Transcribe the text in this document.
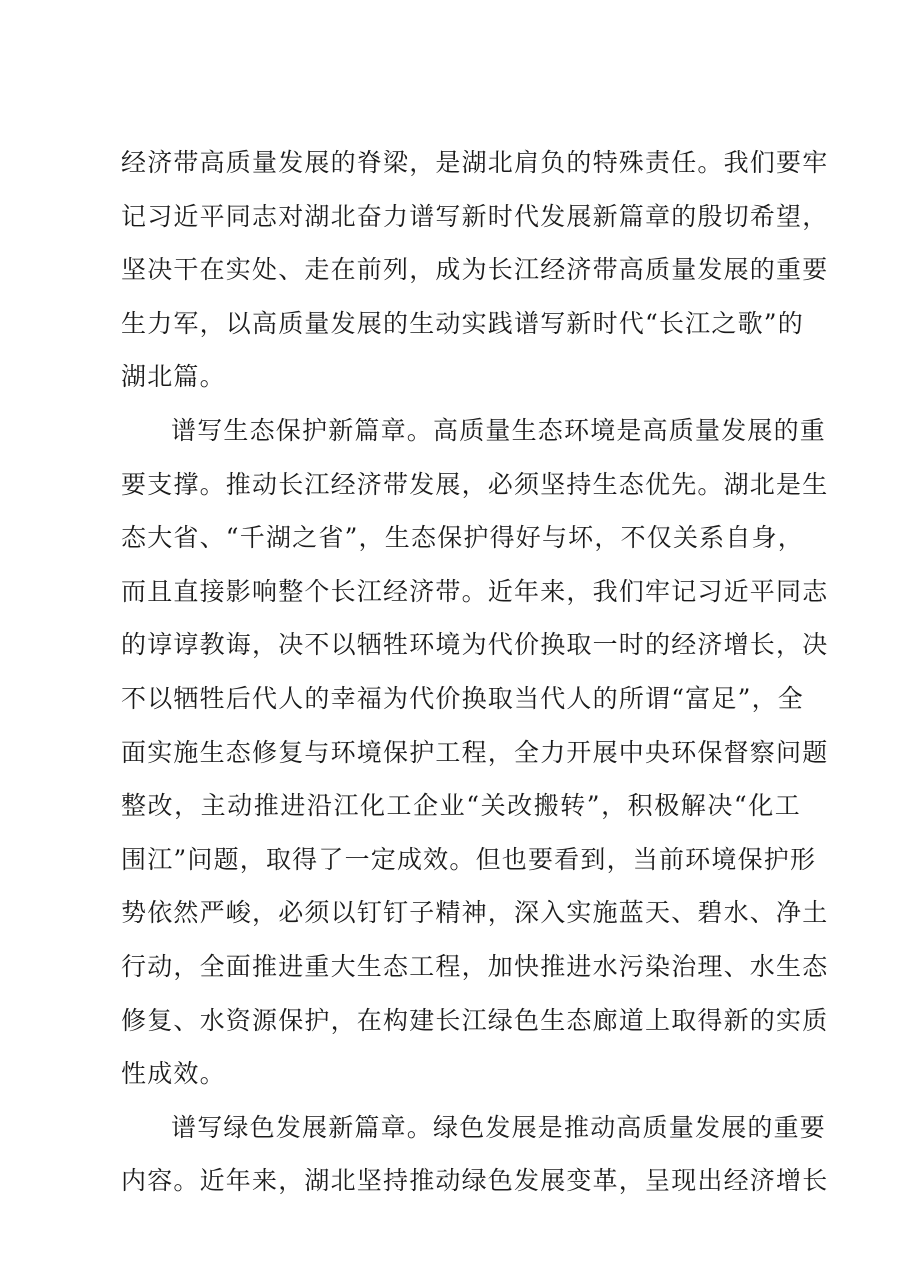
经济带高质量发展的脊梁，是湖北肩负的特殊责任。我们要牢
记习近平同志对湖北奋力谱写新时代发展新篇章的殷切希望，
坚决干在实处、走在前列，成为长江经济带高质量发展的重要
生力军，以高质量发展的生动实践谱写新时代“长江之歌”的
湖北篇。
谱写生态保护新篇章。高质量生态环境是高质量发展的重
要支撑。推动长江经济带发展，必须坚持生态优先。湖北是生
态大省、“千湖之省”，生态保护得好与坏，不仅关系自身，
而且直接影响整个长江经济带。近年来，我们牢记习近平同志
的谆谆教诲，决不以牺牲环境为代价换取一时的经济增长，决
不以牺牲后代人的幸福为代价换取当代人的所谓“富足”，全
面实施生态修复与环境保护工程，全力开展中央环保督察问题
整改，主动推进沿江化工企业“关改搬转”，积极解决“化工
围江”问题，取得了一定成效。但也要看到，当前环境保护形
势依然严峻，必须以钉钉子精神，深入实施蓝天、碧水、净土
行动，全面推进重大生态工程，加快推进水污染治理、水生态
修复、水资源保护，在构建长江绿色生态廊道上取得新的实质
性成效。
谱写绿色发展新篇章。绿色发展是推动高质量发展的重要
内容。近年来，湖北坚持推动绿色发展变革，呈现出经济增长
